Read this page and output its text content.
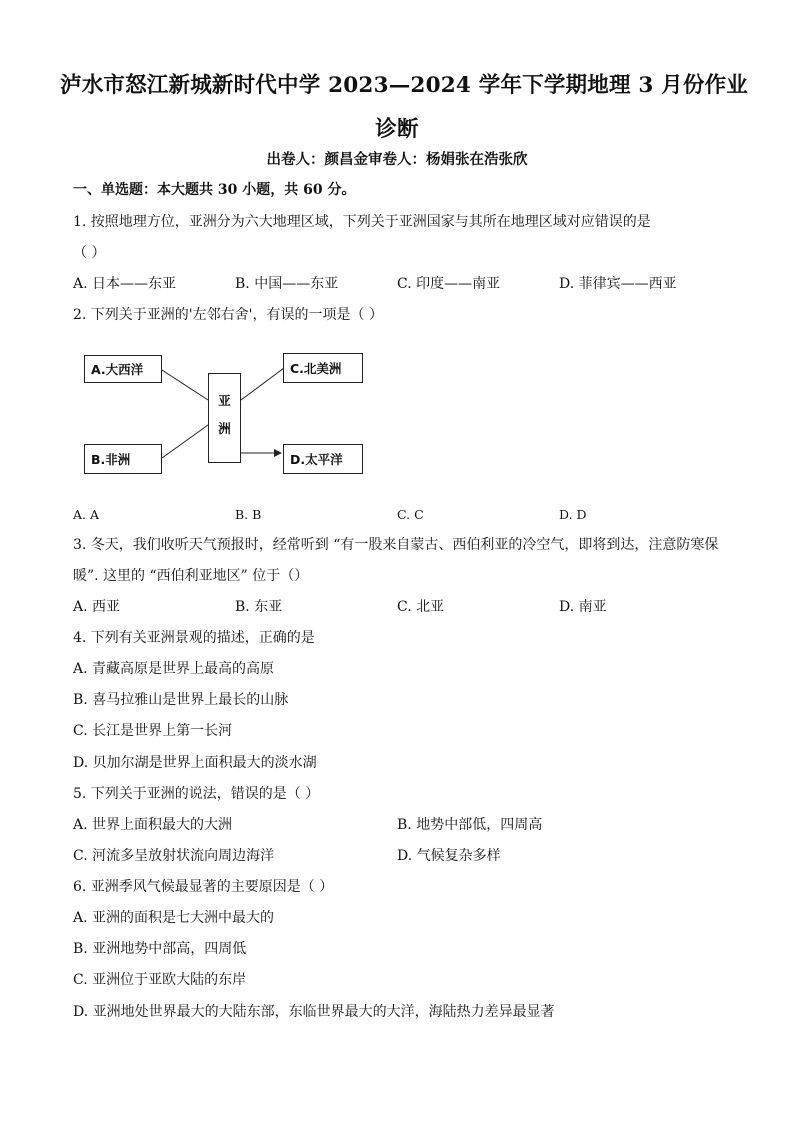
泸水市怒江新城新时代中学 2023—2024 学年下学期地理 3 月份作业
诊断
出卷人：颜昌金审卷人：杨娟张在浩张欣
一、单选题：本大题共 30 小题，共 60 分。
1. 按照地理方位，亚洲分为六大地理区域，下列关于亚洲国家与其所在地理区域对应错误的是
（ ）
A. 日本——东亚	B. 中国——东亚	C. 印度——南亚	D. 菲律宾——西亚
2. 下列关于亚洲的'左邻右舍'，有误的一项是（ ）
A.大西洋
B.非洲
C.北美洲
D.太平洋
亚
洲
A. A	B. B	C. C	D. D
3. 冬天，我们收听天气预报时，经常听到 “有一股来自蒙古、西伯利亚的冷空气，即将到达，注意防寒保
暖”. 这里的 “西伯利亚地区” 位于（）
A. 西亚	B. 东亚	C. 北亚	D. 南亚
4. 下列有关亚洲景观的描述，正确的是
A. 青藏高原是世界上最高的高原
B. 喜马拉雅山是世界上最长的山脉
C. 长江是世界上第一长河
D. 贝加尔湖是世界上面积最大的淡水湖
5. 下列关于亚洲的说法，错误的是（ ）
A. 世界上面积最大的大洲	B. 地势中部低，四周高
C. 河流多呈放射状流向周边海洋	D. 气候复杂多样
6. 亚洲季风气候最显著的主要原因是（ ）
A. 亚洲的面积是七大洲中最大的
B. 亚洲地势中部高，四周低
C. 亚洲位于亚欧大陆的东岸
D. 亚洲地处世界最大的大陆东部，东临世界最大的大洋，海陆热力差异最显著
